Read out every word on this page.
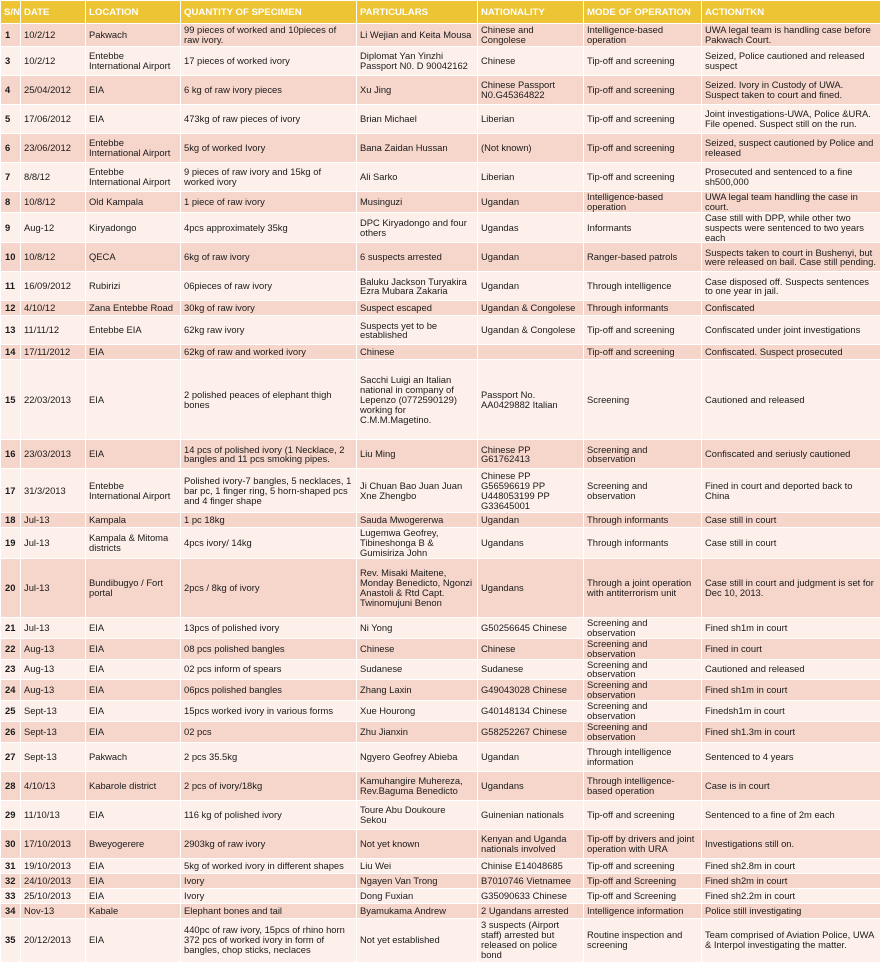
S/N	DATE	LOCATION	QUANTITY OF SPECIMEN	PARTICULARS	NATIONALITY	MODE OF OPERATION	ACTION/TKN
1	10/2/12	Pakwach	99 pieces of worked and 10pieces of raw ivory.	Li Wejian and Keita Mousa	Chinese and Congolese	Intelligence-based operation	UWA legal team is handling case before Pakwach Court.
3	10/2/12	Entebbe International Airport	17 pieces of worked ivory	Diplomat Yan Yinzhi Passport N0. D 90042162	Chinese	Tip-off and screening	Seized, Police cautioned and released suspect
4	25/04/2012	EIA	6 kg of raw ivory pieces	Xu Jing	Chinese Passport N0.G45364822	Tip-off and screening	Seized. Ivory in Custody of UWA. Suspect taken to court and fined.
5	17/06/2012	EIA	473kg of raw pieces of ivory	Brian Michael	Liberian	Tip-off and screening	Joint investigations-UWA, Police &URA. File opened. Suspect still on the run.
6	23/06/2012	Entebbe International Airport	5kg of worked Ivory	Bana Zaidan Hussan	(Not known)	Tip-off and screening	Seized, suspect cautioned by Police and released
7	8/8/12	Entebbe International Airport	9 pieces of raw ivory and 15kg of worked ivory	Ali Sarko	Liberian	Tip-off and screening	Prosecuted and sentenced to a fine sh500,000
8	10/8/12	Old Kampala	1 piece of raw ivory	Musinguzi	Ugandan	Intelligence-based operation	UWA legal team handling the case in court.
9	Aug-12	Kiryadongo	4pcs approximately 35kg	DPC Kiryadongo and four others	Ugandas	Informants	Case still with DPP, while other two suspects were sentenced to two years each
10	10/8/12	QECA	6kg of raw ivory	6 suspects arrested	Ugandan	Ranger-based patrols	Suspects taken to court in Bushenyi, but were released on bail. Case still pending.
11	16/09/2012	Rubirizi	06pieces of raw ivory	Baluku Jackson Turyakira Ezra Mubara Zakaria	Ugandan	Through intelligence	Case disposed off. Suspects sentences to one year in jail.
12	4/10/12	Zana Entebbe Road	30kg of raw ivory	Suspect escaped	Ugandan & Congolese	Through informants	Confiscated
13	11/11/12	Entebbe EIA	62kg raw ivory	Suspects yet to be established	Ugandan & Congolese	Tip-off and screening	Confiscated under joint investigations
14	17/11/2012	EIA	62kg of raw and worked ivory	Chinese		Tip-off and screening	Confiscated. Suspect prosecuted
15	22/03/2013	EIA	2 polished peaces of elephant thigh bones	Sacchi Luigi an Italian national in company of Lepenzo (0772590129) working for C.M.M.Magetino.	Passport No. AA0429882 Italian	Screening	Cautioned and released
16	23/03/2013	EIA	14 pcs of polished ivory (1 Necklace, 2 bangles and 11 pcs smoking pipes.	Liu Ming	Chinese PP G61762413	Screening and observation	Confiscated and seriusly cautioned
17	31/3/2013	Entebbe International Airport	Polished ivory-7 bangles, 5 necklaces, 1 bar pc, 1 finger ring, 5 horn-shaped pcs and 4 finger shape	Ji Chuan Bao Juan Juan Xne Zhengbo	Chinese PP G56596619 PP U448053199 PP G33645001	Screening and observation	Fined in court and deported back to China
18	Jul-13	Kampala	1 pc 18kg	Sauda Mwogererwa	Ugandan	Through informants	Case still in court
19	Jul-13	Kampala & Mitoma districts	4pcs ivory/ 14kg	Lugemwa Geofrey, Tibineshonga B & Gumisiriza John	Ugandans	Through informants	Case still in court
20	Jul-13	Bundibugyo / Fort portal	2pcs / 8kg of ivory	Rev. Misaki Maitene, Monday Benedicto, Ngonzi Anastoli & Rtd Capt. Twinomujuni Benon	Ugandans	Through a joint operation with antiterrorism unit	Case still in court and judgment is set for Dec 10, 2013.
21	Jul-13	EIA	13pcs of polished ivory	Ni Yong	G50256645 Chinese	Screening and observation	Fined sh1m in court
22	Aug-13	EIA	08 pcs polished bangles	Chinese	Chinese	Screening and observation	Fined in court
23	Aug-13	EIA	02 pcs inform of spears	Sudanese	Sudanese	Screening and observation	Cautioned and released
24	Aug-13	EIA	06pcs polished bangles	Zhang Laxin	G49043028 Chinese	Screening and observation	Fined sh1m in court
25	Sept-13	EIA	15pcs worked ivory in various forms	Xue Hourong	G40148134 Chinese	Screening and observation	Finedsh1m in court
26	Sept-13	EIA	02 pcs	Zhu Jianxin	G58252267 Chinese	Screening and observation	Fined sh1.3m in court
27	Sept-13	Pakwach	2 pcs 35.5kg	Ngyero Geofrey Abieba	Ugandan	Through intelligence information	Sentenced to 4 years
28	4/10/13	Kabarole district	2 pcs of ivory/18kg	Kamuhangire Muhereza, Rev.Baguma Benedicto	Ugandans	Through intelligence-based operation	Case is in court
29	11/10/13	EIA	116 kg of polished ivory	Toure Abu Doukoure Sekou	Guinenian nationals	Tip-off and screening	Sentenced to a fine of 2m each
30	17/10/2013	Bweyogerere	2903kg of raw ivory	Not yet known	Kenyan and Uganda nationals involved	Tip-off by drivers and joint operation with URA	Investigations still on.
31	19/10/2013	EIA	5kg of worked ivory in different shapes	Liu Wei	Chinise E14048685	Tip-off and screening	Fined sh2.8m in court
32	24/10/2013	EIA	Ivory	Ngayen Van Trong	B7010746 Vietnamee	Tip-off and Screening	Fined sh2m in court
33	25/10/2013	EIA	Ivory	Dong Fuxian	G35090633 Chinese	Tip-off and Screening	Fined sh2.2m in court
34	Nov-13	Kabale	Elephant bones and tail	Byamukama Andrew	2 Ugandans arrested	Intelligence information	Police still investigating
35	20/12/2013	EIA	440pc of raw ivory, 15pcs of rhino horn 372 pcs of worked ivory in form of bangles, chop sticks, neclaces	Not yet established	3 suspects (Airport staff) arrested but released on police bond	Routine inspection and screening	Team comprised of Aviation Police, UWA & Interpol investigating the matter.
